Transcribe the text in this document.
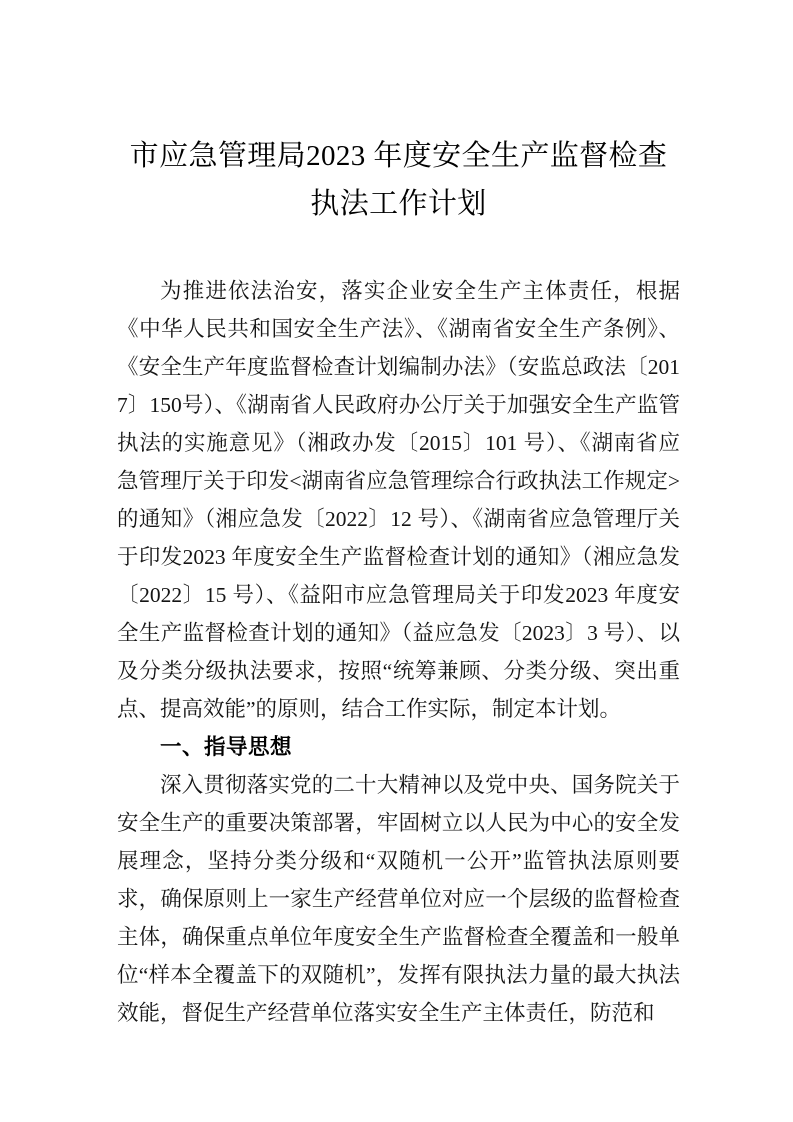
市应急管理局2023 年度安全生产监督检查
执法工作计划

为推进依法治安，落实企业安全生产主体责任，根据《中华人民共和国安全生产法》、《湖南省安全生产条例》、《安全生产年度监督检查计划编制办法》（安监总政法〔2017〕150号）、《湖南省人民政府办公厅关于加强安全生产监管执法的实施意见》（湘政办发〔2015〕101 号）、《湖南省应急管理厅关于印发<湖南省应急管理综合行政执法工作规定>的通知》（湘应急发〔2022〕12 号）、《湖南省应急管理厅关于印发2023 年度安全生产监督检查计划的通知》（湘应急发〔2022〕15 号）、《益阳市应急管理局关于印发2023 年度安全生产监督检查计划的通知》（益应急发〔2023〕3 号）、以及分类分级执法要求，按照“统筹兼顾、分类分级、突出重点、提高效能”的原则，结合工作实际，制定本计划。

一、指导思想

深入贯彻落实党的二十大精神以及党中央、国务院关于安全生产的重要决策部署，牢固树立以人民为中心的安全发展理念，坚持分类分级和“双随机一公开”监管执法原则要求，确保原则上一家生产经营单位对应一个层级的监督检查主体，确保重点单位年度安全生产监督检查全覆盖和一般单位“样本全覆盖下的双随机”，发挥有限执法力量的最大执法效能，督促生产经营单位落实安全生产主体责任，防范和
